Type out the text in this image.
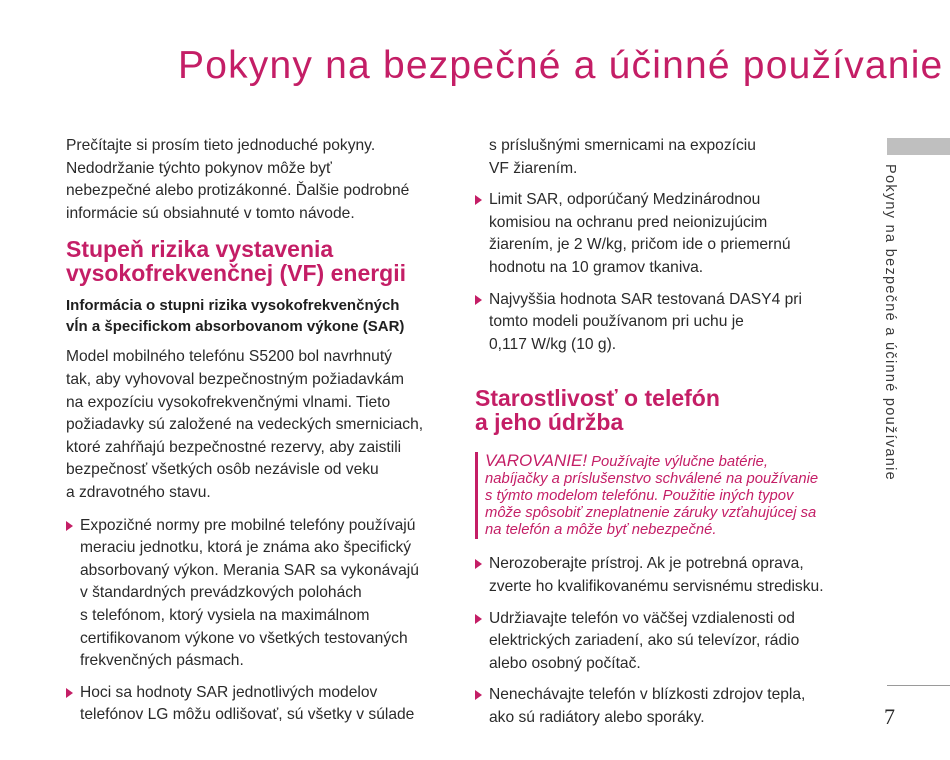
Pokyny na bezpečné a účinné používanie
Pokyny na bezpečné a účinné používanie
7
Prečítajte si prosím tieto jednoduché pokyny.
Nedodržanie týchto pokynov môže byť
nebezpečné alebo protizákonné. Ďalšie podrobné
informácie sú obsiahnuté v tomto návode.
Stupeň rizika vystavenia
vysokofrekvenčnej (VF) energii
Informácia o stupni rizika vysokofrekvenčných
vĺn a špecifickom absorbovanom výkone (SAR)
Model mobilného telefónu S5200 bol navrhnutý
tak, aby vyhovoval bezpečnostným požiadavkám
na expozíciu vysokofrekvenčnými vlnami. Tieto
požiadavky sú založené na vedeckých smerniciach,
ktoré zahŕňajú bezpečnostné rezervy, aby zaistili
bezpečnosť všetkých osôb nezávisle od veku
a zdravotného stavu.
Expozičné normy pre mobilné telefóny používajú
meraciu jednotku, ktorá je známa ako špecifický
absorbovaný výkon. Merania SAR sa vykonávajú
v štandardných prevádzkových polohách
s telefónom, ktorý vysiela na maximálnom
certifikovanom výkone vo všetkých testovaných
frekvenčných pásmach.
Hoci sa hodnoty SAR jednotlivých modelov
telefónov LG môžu odlišovať, sú všetky v súlade
s príslušnými smernicami na expozíciu
VF žiarením.
Limit SAR, odporúčaný Medzinárodnou
komisiou na ochranu pred neionizujúcim
žiarením, je 2 W/kg, pričom ide o priemernú
hodnotu na 10 gramov tkaniva.
Najvyššia hodnota SAR testovaná DASY4 pri
tomto modeli používanom pri uchu je
0,117 W/kg (10 g).
Starostlivosť o telefón
a jeho údržba
VAROVANIE! Používajte výlučne batérie,
nabíjačky a príslušenstvo schválené na používanie
s týmto modelom telefónu. Použitie iných typov
môže spôsobiť zneplatnenie záruky vzťahujúcej sa
na telefón a môže byť nebezpečné.
Nerozoberajte prístroj. Ak je potrebná oprava,
zverte ho kvalifikovanému servisnému stredisku.
Udržiavajte telefón vo väčšej vzdialenosti od
elektrických zariadení, ako sú televízor, rádio
alebo osobný počítač.
Nenechávajte telefón v blízkosti zdrojov tepla,
ako sú radiátory alebo sporáky.
